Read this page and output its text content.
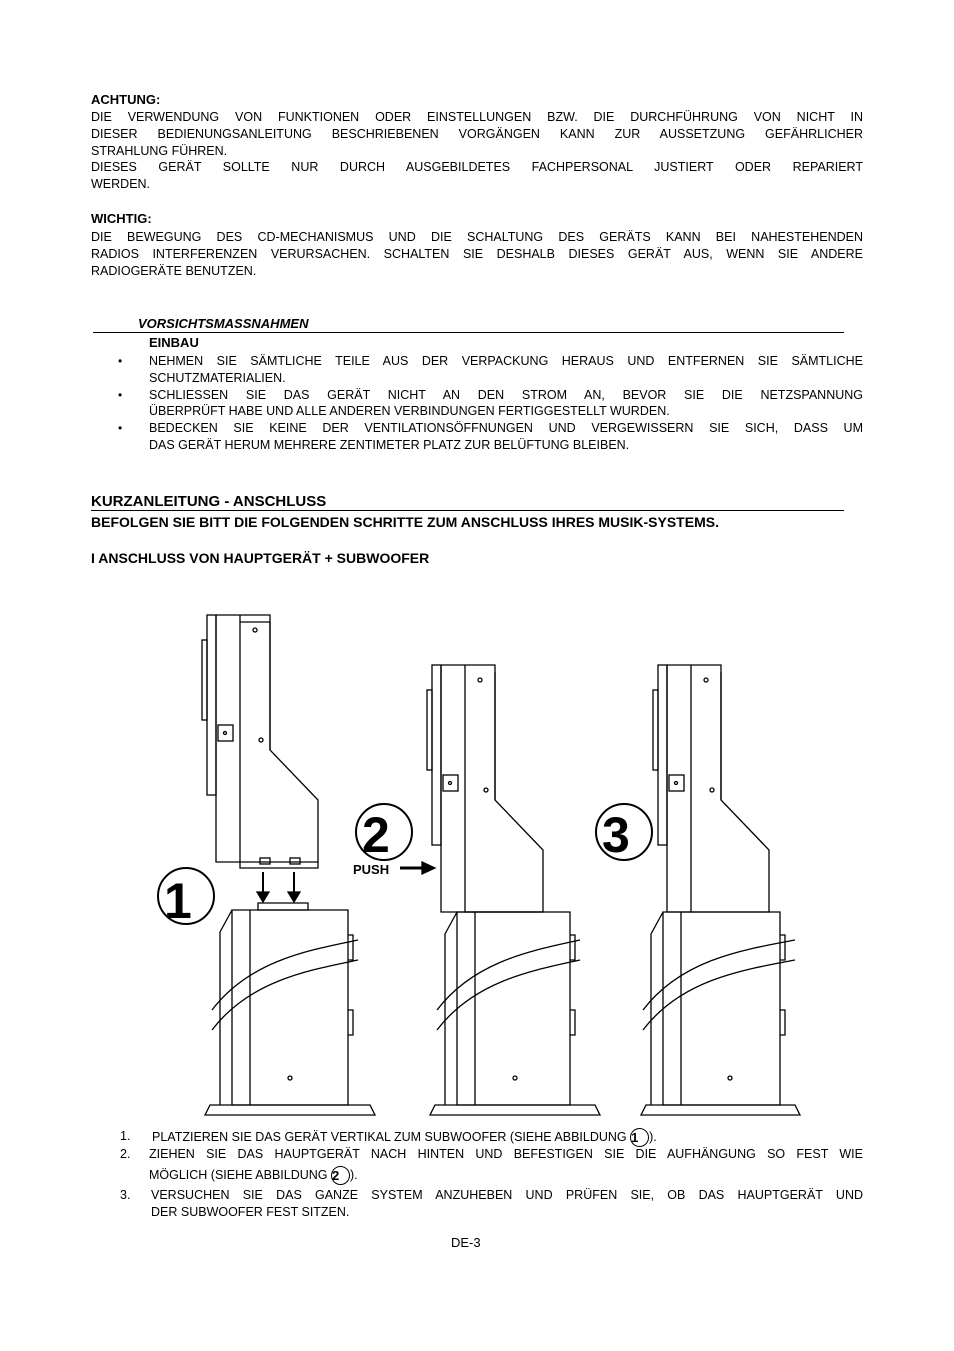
ACHTUNG:
DIE VERWENDUNG VON FUNKTIONEN ODER EINSTELLUNGEN BZW. DIE DURCHFÜHRUNG VON NICHT IN
DIESER BEDIENUNGSANLEITUNG BESCHRIEBENEN VORGÄNGEN KANN ZUR AUSSETZUNG GEFÄHRLICHER
STRAHLUNG FÜHREN.
DIESES GERÄT SOLLTE NUR DURCH AUSGEBILDETES FACHPERSONAL JUSTIERT ODER REPARIERT
WERDEN.
WICHTIG:
DIE BEWEGUNG DES CD-MECHANISMUS UND DIE SCHALTUNG DES GERÄTS KANN BEI NAHESTEHENDEN
RADIOS INTERFERENZEN VERURSACHEN. SCHALTEN SIE DESHALB DIESES GERÄT AUS, WENN SIE ANDERE
RADIOGERÄTE BENUTZEN.
VORSICHTSMASSNAHMEN
EINBAU
• NEHMEN SIE SÄMTLICHE TEILE AUS DER VERPACKUNG HERAUS UND ENTFERNEN SIE SÄMTLICHE
SCHUTZMATERIALIEN.
• SCHLIESSEN SIE DAS GERÄT NICHT AN DEN STROM AN, BEVOR SIE DIE NETZSPANNUNG
ÜBERPRÜFT HABE UND ALLE ANDEREN VERBINDUNGEN FERTIGGESTELLT WURDEN.
• BEDECKEN SIE KEINE DER VENTILATIONSÖFFNUNGEN UND VERGEWISSERN SIE SICH, DASS UM
DAS GERÄT HERUM MEHRERE ZENTIMETER PLATZ ZUR BELÜFTUNG BLEIBEN.
KURZANLEITUNG - ANSCHLUSS
BEFOLGEN SIE BITT DIE FOLGENDEN SCHRITTE ZUM ANSCHLUSS IHRES MUSIK-SYSTEMS.
I ANSCHLUSS VON HAUPTGERÄT + SUBWOOFER
1
2
PUSH
3
1. PLATZIEREN SIE DAS GERÄT VERTIKAL ZUM SUBWOOFER (SIEHE ABBILDUNG 1 ).
2. ZIEHEN SIE DAS HAUPTGERÄT NACH HINTEN UND BEFESTIGEN SIE DIE AUFHÄNGUNG SO FEST WIE
MÖGLICH (SIEHE ABBILDUNG 2 ).
3. VERSUCHEN SIE DAS GANZE SYSTEM ANZUHEBEN UND PRÜFEN SIE, OB DAS HAUPTGERÄT UND
DER SUBWOOFER FEST SITZEN.
DE-3
